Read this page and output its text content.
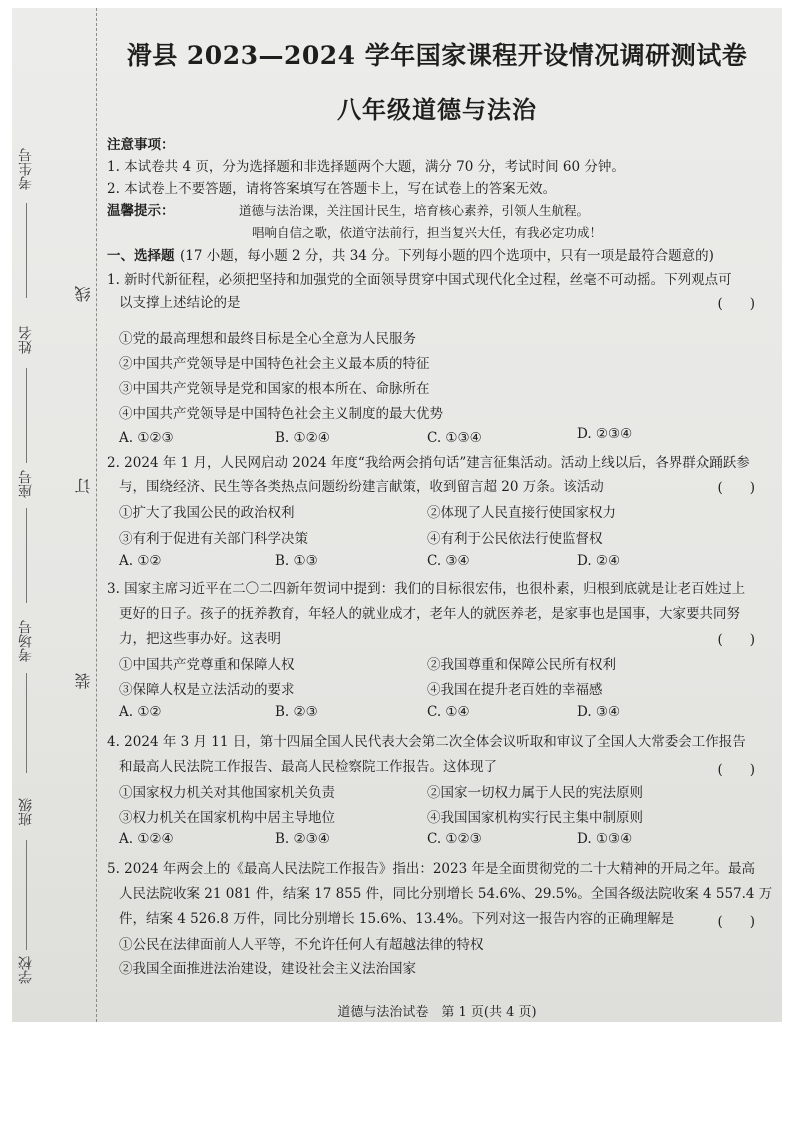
考生号
姓名
座号
考场号
班级
学校
线
订
装
滑县 2023—2024 学年国家课程开设情况调研测试卷
八年级道德与法治
注意事项：
1. 本试卷共 4 页，分为选择题和非选择题两个大题，满分 70 分，考试时间 60 分钟。
2. 本试卷上不要答题，请将答案填写在答题卡上，写在试卷上的答案无效。
温馨提示：	道德与法治课，关注国计民生，培育核心素养，引领人生航程。
唱响自信之歌，依道守法前行，担当复兴大任，有我必定功成！
一、选择题 (17 小题，每小题 2 分，共 34 分。下列每小题的四个选项中，只有一项是最符合题意的)
1. 新时代新征程，必须把坚持和加强党的全面领导贯穿中国式现代化全过程，丝毫不可动摇。下列观点可
以支撑上述结论的是	(　　)
①党的最高理想和最终目标是全心全意为人民服务
②中国共产党领导是中国特色社会主义最本质的特征
③中国共产党领导是党和国家的根本所在、命脉所在
④中国共产党领导是中国特色社会主义制度的最大优势
A. ①②③	B. ①②④	C. ①③④	D. ②③④
2. 2024 年 1 月，人民网启动 2024 年度“我给两会捎句话”建言征集活动。活动上线以后，各界群众踊跃参
与，围绕经济、民生等各类热点问题纷纷建言献策，收到留言超 20 万条。该活动	(　　)
①扩大了我国公民的政治权利	②体现了人民直接行使国家权力
③有利于促进有关部门科学决策	④有利于公民依法行使监督权
A. ①②	B. ①③	C. ③④	D. ②④
3. 国家主席习近平在二〇二四新年贺词中提到：我们的目标很宏伟，也很朴素，归根到底就是让老百姓过上
更好的日子。孩子的抚养教育，年轻人的就业成才，老年人的就医养老，是家事也是国事，大家要共同努
力，把这些事办好。这表明	(　　)
①中国共产党尊重和保障人权	②我国尊重和保障公民所有权利
③保障人权是立法活动的要求	④我国在提升老百姓的幸福感
A. ①②	B. ②③	C. ①④	D. ③④
4. 2024 年 3 月 11 日，第十四届全国人民代表大会第二次全体会议听取和审议了全国人大常委会工作报告
和最高人民法院工作报告、最高人民检察院工作报告。这体现了	(　　)
①国家权力机关对其他国家机关负责	②国家一切权力属于人民的宪法原则
③权力机关在国家机构中居主导地位	④我国国家机构实行民主集中制原则
A. ①②④	B. ②③④	C. ①②③	D. ①③④
5. 2024 年两会上的《最高人民法院工作报告》指出：2023 年是全面贯彻党的二十大精神的开局之年。最高
人民法院收案 21 081 件，结案 17 855 件，同比分别增长 54.6%、29.5%。全国各级法院收案 4 557.4 万
件，结案 4 526.8 万件，同比分别增长 15.6%、13.4%。下列对这一报告内容的正确理解是	(　　)
①公民在法律面前人人平等，不允许任何人有超越法律的特权
②我国全面推进法治建设，建设社会主义法治国家
道德与法治试卷　第 1 页(共 4 页)
